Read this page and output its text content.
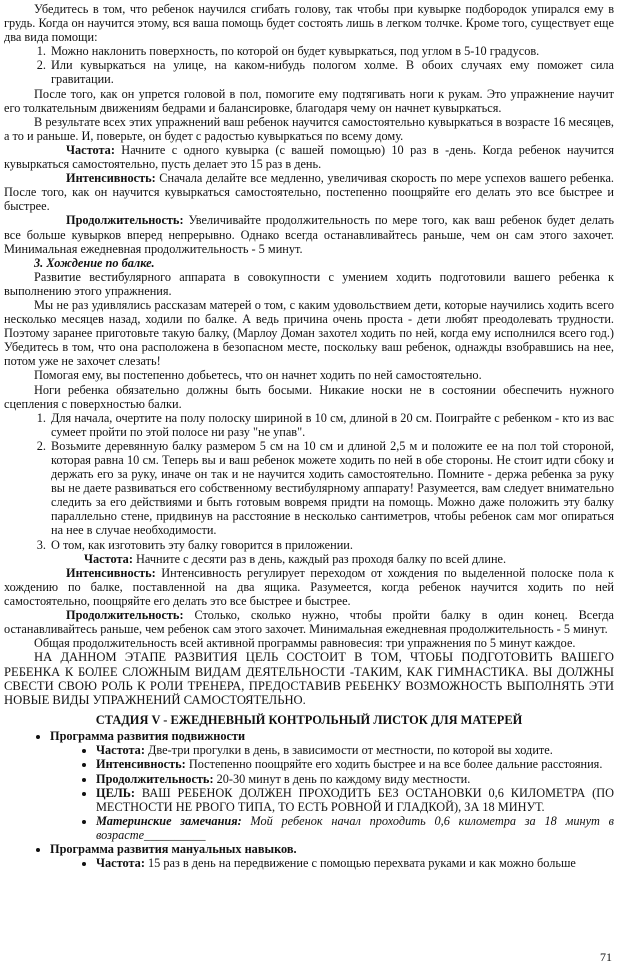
Убедитесь в том, что ребенок научился сгибать голову, так чтобы при кувырке подбородок упирался ему в грудь. Когда он научится этому, вся ваша помощь будет состоять лишь в легком толчке. Кроме того, существует еще два вида помощи:

1. Можно наклонить поверхность, по которой он будет кувыркаться, под углом в 5-10 градусов.
2. Или кувыркаться на улице, на каком-нибудь пологом холме. В обоих случаях ему поможет сила гравитации.

После того, как он упрется головой в пол, помогите ему подтягивать ноги к рукам. Это упражнение научит его толкательным движениям бедрами и балансировке, благодаря чему он начнет кувыркаться.

В результате всех этих упражнений ваш ребенок научится самостоятельно кувыркаться в возрасте 16 месяцев, а то и раньше. И, поверьте, он будет с радостью кувыркаться по всему дому.

Частота: Начните с одного кувырка (с вашей помощью) 10 раз в -день. Когда ребенок научится кувыркаться самостоятельно, пусть делает это 15 раз в день.

Интенсивность: Сначала делайте все медленно, увеличивая скорость по мере успехов вашего ребенка. После того, как он научится кувыркаться самостоятельно, постепенно поощряйте его делать это все быстрее и быстрее.

Продолжительность: Увеличивайте продолжительность по мере того, как ваш ребенок будет делать все больше кувырков вперед непрерывно. Однако всегда останавливайтесь раньше, чем он сам этого захочет. Минимальная ежедневная продолжительность - 5 минут.

3. Хождение по балке.

Развитие вестибулярного аппарата в совокупности с умением ходить подготовили вашего ребенка к выполнению этого упражнения.

Мы не раз удивлялись рассказам матерей о том, с каким удовольствием дети, которые научились ходить всего несколько месяцев назад, ходили по балке. А ведь причина очень проста - дети любят преодолевать трудности. Поэтому заранее приготовьте такую балку, (Марлоу Доман захотел ходить по ней, когда ему исполнился всего год.) Убедитесь в том, что она расположена в безопасном месте, поскольку ваш ребенок, однажды взобравшись на нее, потом уже не захочет слезать!

Помогая ему, вы постепенно добьетесь, что он начнет ходить по ней самостоятельно.

Ноги ребенка обязательно должны быть босыми. Никакие носки не в состоянии обеспечить нужного сцепления с поверхностью балки.

1. Для начала, очертите на полу полоску шириной в 10 см, длиной в 20 см. Поиграйте с ребенком - кто из вас сумеет пройти по этой полосе ни разу "не упав".
2. Возьмите деревянную балку размером 5 см на 10 см и длиной 2,5 м и положите ее на пол той стороной, которая равна 10 см. Теперь вы и ваш ребенок можете ходить по ней в обе стороны. Не стоит идти сбоку и держать его за руку, иначе он так и не научится ходить самостоятельно. Помните - держа ребенка за руку вы не даете развиваться его собственному вестибулярному аппарату! Разумеется, вам следует внимательно следить за его действиями и быть готовым вовремя придти на помощь. Можно даже положить эту балку параллельно стене, придвинув на расстояние в несколько сантиметров, чтобы ребенок сам мог опираться на нее в случае необходимости.
3. О том, как изготовить эту балку говорится в приложении.

Частота: Начните с десяти раз в день, каждый раз проходя балку по всей длине.

Интенсивность: Интенсивность регулирует переходом от хождения по выделенной полоске пола к хождению по балке, поставленной на два ящика. Разумеется, когда ребенок научится ходить по ней самостоятельно, поощряйте его делать это все быстрее и быстрее.

Продолжительность: Столько, сколько нужно, чтобы пройти балку в один конец. Всегда останавливайтесь раньше, чем ребенок сам этого захочет. Минимальная ежедневная продолжительность - 5 минут.

Общая продолжительность всей активной программы равновесия: три упражнения по 5 минут каждое.

НА ДАННОМ ЭТАПЕ РАЗВИТИЯ ЦЕЛЬ СОСТОИТ В ТОМ, ЧТОБЫ ПОДГОТОВИТЬ ВАШЕГО РЕБЕНКА К БОЛЕЕ СЛОЖНЫМ ВИДАМ ДЕЯТЕЛЬНОСТИ -ТАКИМ, КАК ГИМНАСТИКА. ВЫ ДОЛЖНЫ СВЕСТИ СВОЮ РОЛЬ К РОЛИ ТРЕНЕРА, ПРЕДОСТАВИВ РЕБЕНКУ ВОЗМОЖНОСТЬ ВЫПОЛНЯТЬ ЭТИ НОВЫЕ ВИДЫ УПРАЖНЕНИЙ САМОСТОЯТЕЛЬНО.

СТАДИЯ V - ЕЖЕДНЕВНЫЙ КОНТРОЛЬНЫЙ ЛИСТОК ДЛЯ МАТЕРЕЙ
• Программа развития подвижности
• Частота: Две-три прогулки в день, в зависимости от местности, по которой вы ходите.
• Интенсивность: Постепенно поощряйте его ходить быстрее и на все более дальние расстояния.
• Продолжительность: 20-30 минут в день по каждому виду местности.
• ЦЕЛЬ: ВАШ РЕБЕНОК ДОЛЖЕН ПРОХОДИТЬ БЕЗ ОСТАНОВКИ 0,6 КИЛОМЕТРА (ПО МЕСТНОСТИ НЕ РВОГО ТИПА, ТО ЕСТЬ РОВНОЙ И ГЛАДКОЙ), ЗА 18 МИНУТ.
• Материнские замечания: Мой ребенок начал проходить 0,6 километра за 18 минут в возрасте__________
• Программа развития мануальных навыков.
• Частота: 15 раз в день на передвижение с помощью перехвата руками и как можно больше
71
